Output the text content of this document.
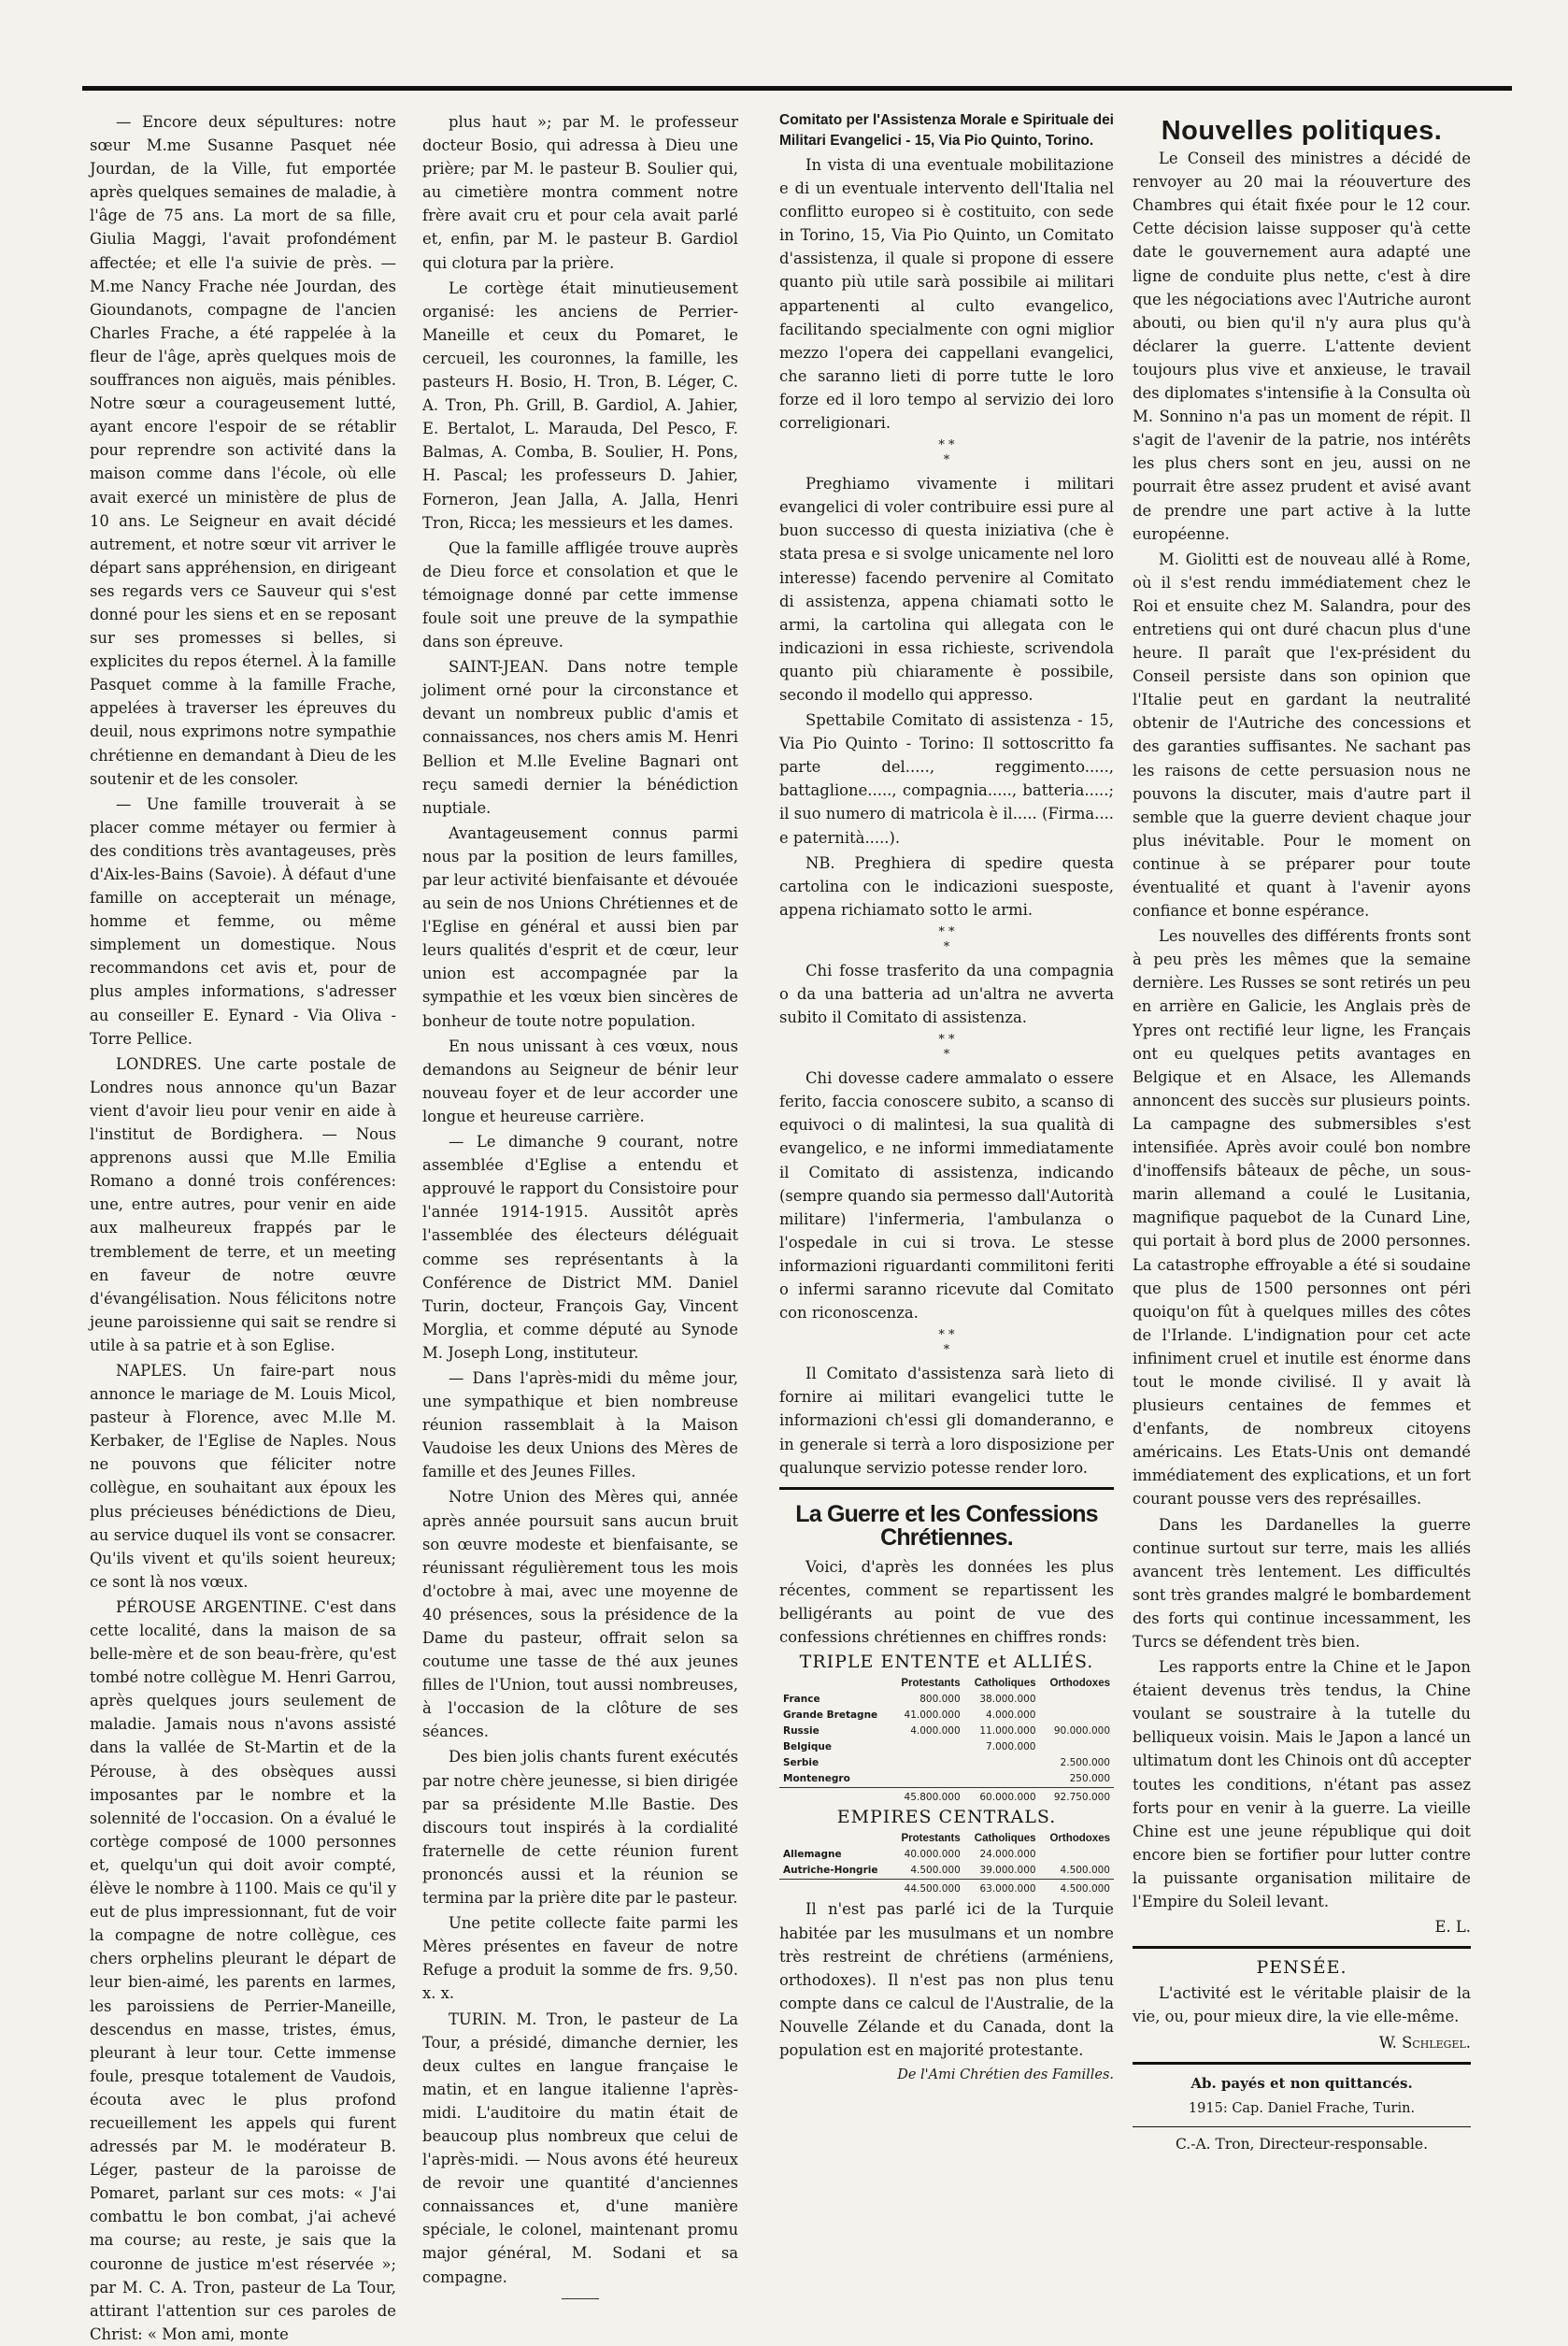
— Encore deux sépultures: notre sœur M.me Susanne Pasquet née Jourdan, de la Ville, fut emportée après quelques semaines de maladie, à l'âge de 75 ans. La mort de sa fille, Giulia Maggi, l'avait profondément affectée; et elle l'a suivie de près. — M.me Nancy Frache née Jourdan, des Gioundanots, compagne de l'ancien Charles Frache, a été rappelée à la fleur de l'âge, après quelques mois de souffrances non aiguës, mais pénibles. Notre sœur a courageusement lutté, ayant encore l'espoir de se rétablir pour reprendre son activité dans la maison comme dans l'école, où elle avait exercé un ministère de plus de 10 ans. Le Seigneur en avait décidé autrement, et notre sœur vit arriver le départ sans appréhension, en dirigeant ses regards vers ce Sauveur qui s'est donné pour les siens et en se reposant sur ses promesses si belles, si explicites du repos éternel. À la famille Pasquet comme à la famille Frache, appelées à traverser les épreuves du deuil, nous exprimons notre sympathie chrétienne en demandant à Dieu de les soutenir et de les consoler.

— Une famille trouverait à se placer comme métayer ou fermier à des conditions très avantageuses, près d'Aix-les-Bains (Savoie). À défaut d'une famille on accepterait un ménage, homme et femme, ou même simplement un domestique. Nous recommandons cet avis et, pour de plus amples informations, s'adresser au conseiller E. Eynard - Via Oliva - Torre Pellice.

LONDRES. Une carte postale de Londres nous annonce qu'un Bazar vient d'avoir lieu pour venir en aide à l'institut de Bordighera. — Nous apprenons aussi que M.lle Emilia Romano a donné trois conférences: une, entre autres, pour venir en aide aux malheureux frappés par le tremblement de terre, et un meeting en faveur de notre œuvre d'évangélisation. Nous félicitons notre jeune paroissienne qui sait se rendre si utile à sa patrie et à son Eglise.

NAPLES. Un faire-part nous annonce le mariage de M. Louis Micol, pasteur à Florence, avec M.lle M. Kerbaker, de l'Eglise de Naples. Nous ne pouvons que féliciter notre collègue, en souhaitant aux époux les plus précieuses bénédictions de Dieu, au service duquel ils vont se consacrer. Qu'ils vivent et qu'ils soient heureux; ce sont là nos vœux.

PÉROUSE ARGENTINE. C'est dans cette localité, dans la maison de sa belle-mère et de son beau-frère, qu'est tombé notre collègue M. Henri Garrou, après quelques jours seulement de maladie. Jamais nous n'avons assisté dans la vallée de St-Martin et de la Pérouse, à des obsèques aussi imposantes par le nombre et la solennité de l'occasion. On a évalué le cortège composé de 1000 personnes et, quelqu'un qui doit avoir compté, élève le nombre à 1100. Mais ce qu'il y eut de plus impressionnant, fut de voir la compagne de notre collègue, ces chers orphelins pleurant le départ de leur bien-aimé, les parents en larmes, les paroissiens de Perrier-Maneille, descendus en masse, tristes, émus, pleurant à leur tour. Cette immense foule, presque totalement de Vaudois, écouta avec le plus profond recueillement les appels qui furent adressés par M. le modérateur B. Léger, pasteur de la paroisse de Pomaret, parlant sur ces mots: « J'ai combattu le bon combat, j'ai achevé ma course; au reste, je sais que la couronne de justice m'est réservée »; par M. C. A. Tron, pasteur de La Tour, attirant l'attention sur ces paroles de Christ: « Mon ami, monte

plus haut »; par M. le professeur docteur Bosio, qui adressa à Dieu une prière; par M. le pasteur B. Soulier qui, au cimetière montra comment notre frère avait cru et pour cela avait parlé et, enfin, par M. le pasteur B. Gardiol qui clotura par la prière.

Le cortège était minutieusement organisé: les anciens de Perrier-Maneille et ceux du Pomaret, le cercueil, les couronnes, la famille, les pasteurs H. Bosio, H. Tron, B. Léger, C. A. Tron, Ph. Grill, B. Gardiol, A. Jahier, E. Bertalot, L. Marauda, Del Pesco, F. Balmas, A. Comba, B. Soulier, H. Pons, H. Pascal; les professeurs D. Jahier, Forneron, Jean Jalla, A. Jalla, Henri Tron, Ricca; les messieurs et les dames.

Que la famille affligée trouve auprès de Dieu force et consolation et que le témoignage donné par cette immense foule soit une preuve de la sympathie dans son épreuve.

SAINT-JEAN. Dans notre temple joliment orné pour la circonstance et devant un nombreux public d'amis et connaissances, nos chers amis M. Henri Bellion et M.lle Eveline Bagnari ont reçu samedi dernier la bénédiction nuptiale.

Avantageusement connus parmi nous par la position de leurs familles, par leur activité bienfaisante et dévouée au sein de nos Unions Chrétiennes et de l'Eglise en général et aussi bien par leurs qualités d'esprit et de cœur, leur union est accompagnée par la sympathie et les vœux bien sincères de bonheur de toute notre population.

En nous unissant à ces vœux, nous demandons au Seigneur de bénir leur nouveau foyer et de leur accorder une longue et heureuse carrière.

— Le dimanche 9 courant, notre assemblée d'Eglise a entendu et approuvé le rapport du Consistoire pour l'année 1914-1915. Aussitôt après l'assemblée des électeurs déléguait comme ses représentants à la Conférence de District MM. Daniel Turin, docteur, François Gay, Vincent Morglia, et comme député au Synode M. Joseph Long, instituteur.

— Dans l'après-midi du même jour, une sympathique et bien nombreuse réunion rassemblait à la Maison Vaudoise les deux Unions des Mères de famille et des Jeunes Filles.

Notre Union des Mères qui, année après année poursuit sans aucun bruit son œuvre modeste et bienfaisante, se réunissant régulièrement tous les mois d'octobre à mai, avec une moyenne de 40 présences, sous la présidence de la Dame du pasteur, offrait selon sa coutume une tasse de thé aux jeunes filles de l'Union, tout aussi nombreuses, à l'occasion de la clôture de ses séances.

Des bien jolis chants furent exécutés par notre chère jeunesse, si bien dirigée par sa présidente M.lle Bastie. Des discours tout inspirés à la cordialité fraternelle de cette réunion furent prononcés aussi et la réunion se termina par la prière dite par le pasteur.

Une petite collecte faite parmi les Mères présentes en faveur de notre Refuge a produit la somme de frs. 9,50. x. x.

TURIN. M. Tron, le pasteur de La Tour, a présidé, dimanche dernier, les deux cultes en langue française le matin, et en langue italienne l'après-midi. L'auditoire du matin était de beaucoup plus nombreux que celui de l'après-midi. — Nous avons été heureux de revoir une quantité d'anciennes connaissances et, d'une manière spéciale, le colonel, maintenant promu major général, M. Sodani et sa compagne.

Comitato per l'Assistenza Morale e Spirituale dei Militari Evangelici - 15, Via Pio Quinto, Torino.

In vista di una eventuale mobilitazione e di un eventuale intervento dell'Italia nel conflitto europeo si è costituito, con sede in Torino, 15, Via Pio Quinto, un Comitato d'assistenza, il quale si propone di essere quanto più utile sarà possibile ai militari appartenenti al culto evangelico, facilitando specialmente con ogni miglior mezzo l'opera dei cappellani evangelici, che saranno lieti di porre tutte le loro forze ed il loro tempo al servizio dei loro correligionari.

* *
*

Preghiamo vivamente i militari evangelici di voler contribuire essi pure al buon successo di questa iniziativa (che è stata presa e si svolge unicamente nel loro interesse) facendo pervenire al Comitato di assistenza, appena chiamati sotto le armi, la cartolina qui allegata con le indicazioni in essa richieste, scrivendola quanto più chiaramente è possibile, secondo il modello qui appresso.

Spettabile Comitato di assistenza - 15, Via Pio Quinto - Torino: Il sottoscritto fa parte del....., reggimento....., battaglione....., compagnia....., batteria.....; il suo numero di matricola è il..... (Firma.... e paternità.....).

NB. Preghiera di spedire questa cartolina con le indicazioni suesposte, appena richiamato sotto le armi.

* *
*

Chi fosse trasferito da una compagnia o da una batteria ad un'altra ne avverta subito il Comitato di assistenza.

* *
*

Chi dovesse cadere ammalato o essere ferito, faccia conoscere subito, a scanso di equivoci o di malintesi, la sua qualità di evangelico, e ne informi immediatamente il Comitato di assistenza, indicando (sempre quando sia permesso dall'Autorità militare) l'infermeria, l'ambulanza o l'ospedale in cui si trova. Le stesse informazioni riguardanti commilitoni feriti o infermi saranno ricevute dal Comitato con riconoscenza.

* *
*

Il Comitato d'assistenza sarà lieto di fornire ai militari evangelici tutte le informazioni ch'essi gli domanderanno, e in generale si terrà a loro disposizione per qualunque servizio potesse render loro.

La Guerre et les Confessions Chrétiennes.

Voici, d'après les données les plus récentes, comment se repartissent les belligérants au point de vue des confessions chrétiennes en chiffres ronds:

TRIPLE ENTENTE et ALLIÉS.

	Protestants	Catholiques	Orthodoxes
France	800.000	38.000.000	
Grande Bretagne	41.000.000	4.000.000	
Russie	4.000.000	11.000.000	90.000.000
Belgique		7.000.000	
Serbie			2.500.000
Montenegro			250.000
	45.800.000	60.000.000	92.750.000

EMPIRES CENTRALS.

	Protestants	Catholiques	Orthodoxes
Allemagne	40.000.000	24.000.000	
Autriche-Hongrie	4.500.000	39.000.000	4.500.000
	44.500.000	63.000.000	4.500.000

Il n'est pas parlé ici de la Turquie habitée par les musulmans et un nombre très restreint de chrétiens (arméniens, orthodoxes). Il n'est pas non plus tenu compte dans ce calcul de l'Australie, de la Nouvelle Zélande et du Canada, dont la population est en majorité protestante.

De l'Ami Chrétien des Familles.

Nouvelles politiques.

Le Conseil des ministres a décidé de renvoyer au 20 mai la réouverture des Chambres qui était fixée pour le 12 cour. Cette décision laisse supposer qu'à cette date le gouvernement aura adapté une ligne de conduite plus nette, c'est à dire que les négociations avec l'Autriche auront abouti, ou bien qu'il n'y aura plus qu'à déclarer la guerre. L'attente devient toujours plus vive et anxieuse, le travail des diplomates s'intensifie à la Consulta où M. Sonnino n'a pas un moment de répit. Il s'agit de l'avenir de la patrie, nos intérêts les plus chers sont en jeu, aussi on ne pourrait être assez prudent et avisé avant de prendre une part active à la lutte européenne.

M. Giolitti est de nouveau allé à Rome, où il s'est rendu immédiatement chez le Roi et ensuite chez M. Salandra, pour des entretiens qui ont duré chacun plus d'une heure. Il paraît que l'ex-président du Conseil persiste dans son opinion que l'Italie peut en gardant la neutralité obtenir de l'Autriche des concessions et des garanties suffisantes. Ne sachant pas les raisons de cette persuasion nous ne pouvons la discuter, mais d'autre part il semble que la guerre devient chaque jour plus inévitable. Pour le moment on continue à se préparer pour toute éventualité et quant à l'avenir ayons confiance et bonne espérance.

Les nouvelles des différents fronts sont à peu près les mêmes que la semaine dernière. Les Russes se sont retirés un peu en arrière en Galicie, les Anglais près de Ypres ont rectifié leur ligne, les Français ont eu quelques petits avantages en Belgique et en Alsace, les Allemands annoncent des succès sur plusieurs points. La campagne des submersibles s'est intensifiée. Après avoir coulé bon nombre d'inoffensifs bâteaux de pêche, un sous-marin allemand a coulé le Lusitania, magnifique paquebot de la Cunard Line, qui portait à bord plus de 2000 personnes. La catastrophe effroyable a été si soudaine que plus de 1500 personnes ont péri quoiqu'on fût à quelques milles des côtes de l'Irlande. L'indignation pour cet acte infiniment cruel et inutile est énorme dans tout le monde civilisé. Il y avait là plusieurs centaines de femmes et d'enfants, de nombreux citoyens américains. Les Etats-Unis ont demandé immédiatement des explications, et un fort courant pousse vers des représailles.

Dans les Dardanelles la guerre continue surtout sur terre, mais les alliés avancent très lentement. Les difficultés sont très grandes malgré le bombardement des forts qui continue incessamment, les Turcs se défendent très bien.

Les rapports entre la Chine et le Japon étaient devenus très tendus, la Chine voulant se soustraire à la tutelle du belliqueux voisin. Mais le Japon a lancé un ultimatum dont les Chinois ont dû accepter toutes les conditions, n'étant pas assez forts pour en venir à la guerre. La vieille Chine est une jeune république qui doit encore bien se fortifier pour lutter contre la puissante organisation militaire de l'Empire du Soleil levant.

E. L.

PENSÉE.

L'activité est le véritable plaisir de la vie, ou, pour mieux dire, la vie elle-même.

W. Schlegel.

Ab. payés et non quittancés.

1915: Cap. Daniel Frache, Turin.

C.-A. Tron, Directeur-responsable.
